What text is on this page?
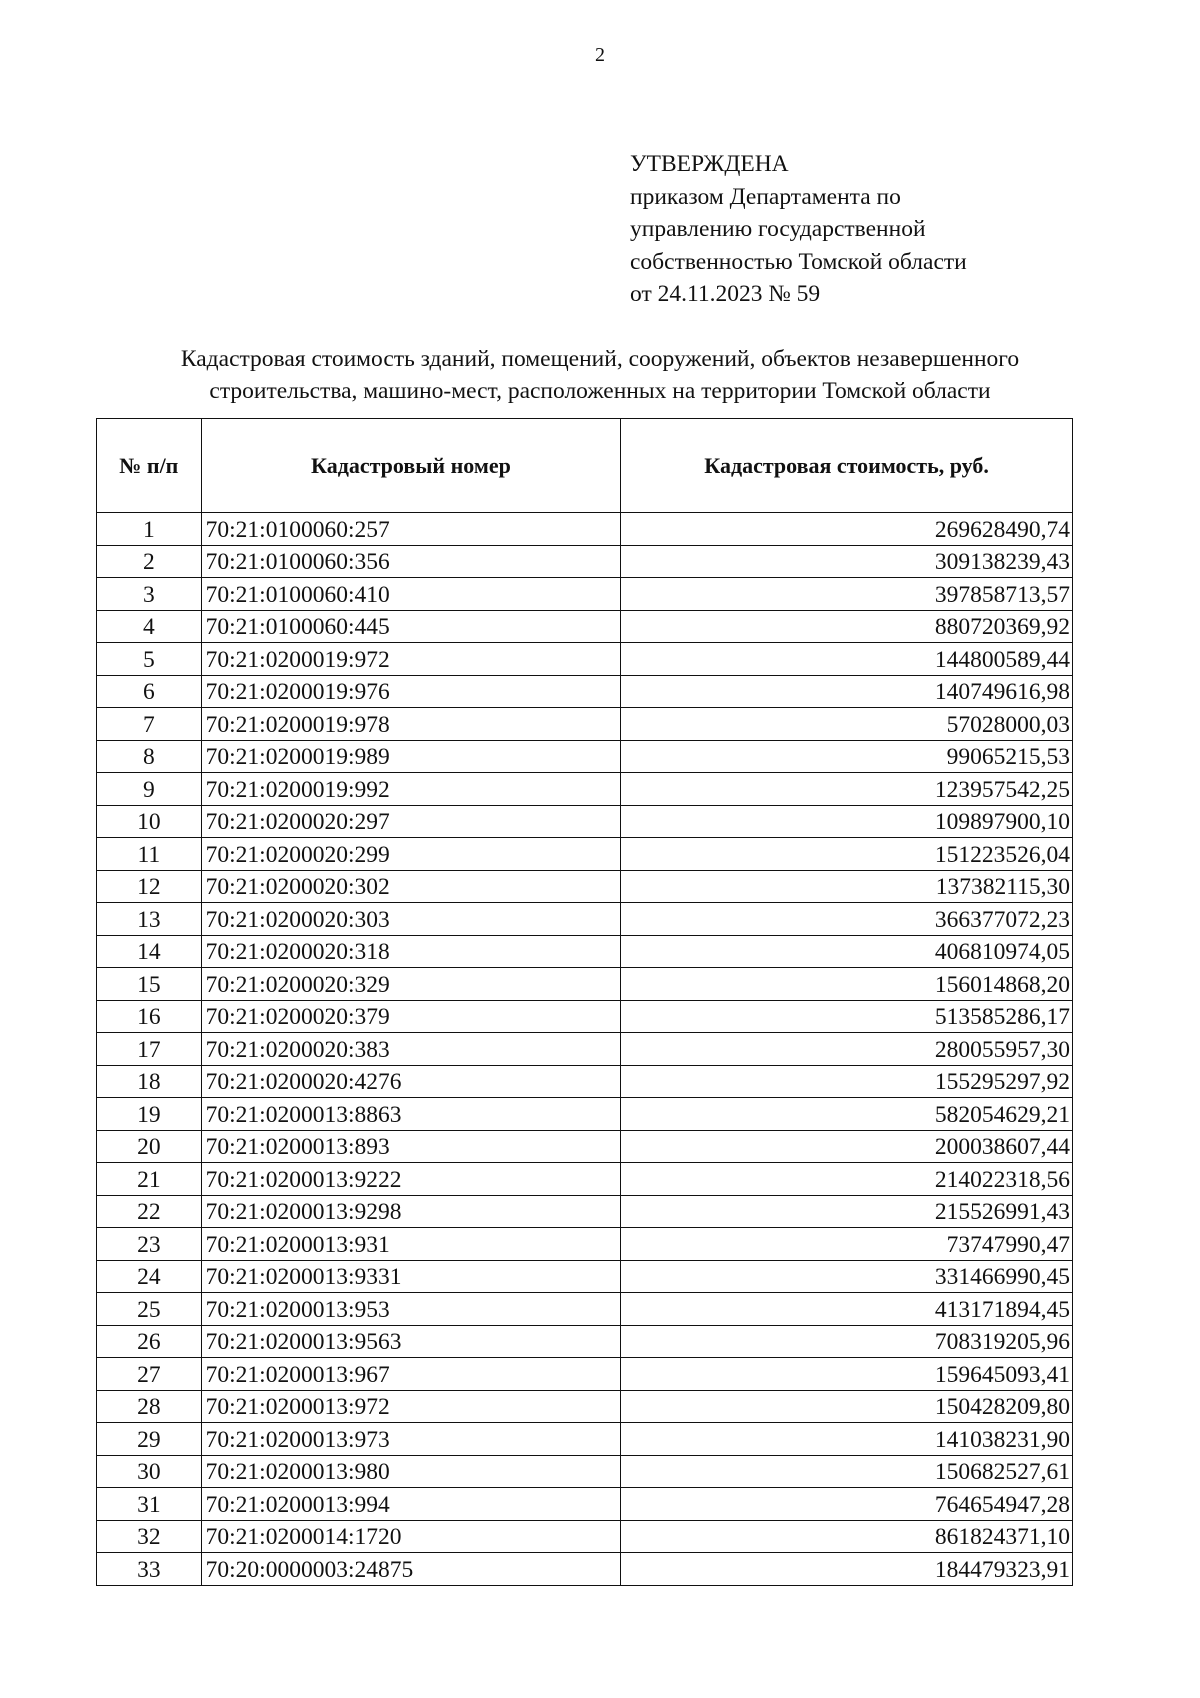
2
УТВЕРЖДЕНА
приказом Департамента по
управлению государственной
собственностью Томской области
от 24.11.2023 № 59
Кадастровая стоимость зданий, помещений, сооружений, объектов незавершенного
строительства, машино-мест, расположенных на территории Томской области
№ п/п	Кадастровый номер	Кадастровая стоимость, руб.
1	70:21:0100060:257	269628490,74
2	70:21:0100060:356	309138239,43
3	70:21:0100060:410	397858713,57
4	70:21:0100060:445	880720369,92
5	70:21:0200019:972	144800589,44
6	70:21:0200019:976	140749616,98
7	70:21:0200019:978	57028000,03
8	70:21:0200019:989	99065215,53
9	70:21:0200019:992	123957542,25
10	70:21:0200020:297	109897900,10
11	70:21:0200020:299	151223526,04
12	70:21:0200020:302	137382115,30
13	70:21:0200020:303	366377072,23
14	70:21:0200020:318	406810974,05
15	70:21:0200020:329	156014868,20
16	70:21:0200020:379	513585286,17
17	70:21:0200020:383	280055957,30
18	70:21:0200020:4276	155295297,92
19	70:21:0200013:8863	582054629,21
20	70:21:0200013:893	200038607,44
21	70:21:0200013:9222	214022318,56
22	70:21:0200013:9298	215526991,43
23	70:21:0200013:931	73747990,47
24	70:21:0200013:9331	331466990,45
25	70:21:0200013:953	413171894,45
26	70:21:0200013:9563	708319205,96
27	70:21:0200013:967	159645093,41
28	70:21:0200013:972	150428209,80
29	70:21:0200013:973	141038231,90
30	70:21:0200013:980	150682527,61
31	70:21:0200013:994	764654947,28
32	70:21:0200014:1720	861824371,10
33	70:20:0000003:24875	184479323,91
